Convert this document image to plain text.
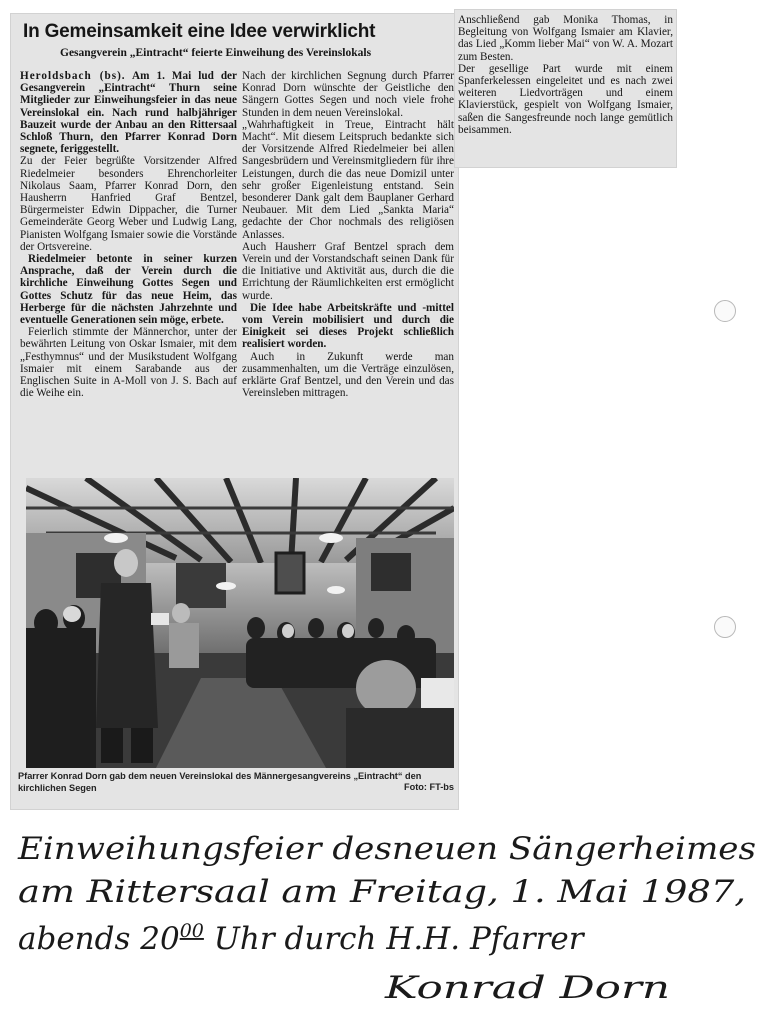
In Gemeinsamkeit eine Idee verwirklicht
Gesangverein „Eintracht“ feierte Einweihung des Vereinslokals

Heroldsbach (bs). Am 1. Mai lud der Gesangverein „Eintracht“ Thurn seine Mitglieder zur Einweihungsfeier in das neue Vereinslokal ein. Nach rund halbjähriger Bauzeit wurde der Anbau an den Rittersaal Schloß Thurn, den Pfarrer Konrad Dorn segnete, feriggestellt.

Zu der Feier begrüßte Vorsitzender Alfred Riedelmeier besonders Ehrenchorleiter Nikolaus Saam, Pfarrer Konrad Dorn, den Hausherrn Hanfried Graf Bentzel, Bürgermeister Edwin Dippacher, die Turner Gemeinderäte Georg Weber und Ludwig Lang, Pianisten Wolfgang Ismaier sowie die Vorstände der Ortsvereine.

Riedelmeier betonte in seiner kurzen Ansprache, daß der Verein durch die kirchliche Einweihung Gottes Segen und Gottes Schutz für das neue Heim, das Herberge für die nächsten Jahrzehnte und eventuelle Generationen sein möge, erbete.

Feierlich stimmte der Männerchor, unter der bewährten Leitung von Oskar Ismaier, mit dem „Festhymnus“ und der Musikstudent Wolfgang Ismaier mit einem Sarabande aus der Englischen Suite in A-Moll von J. S. Bach auf die Weihe ein.

Nach der kirchlichen Segnung durch Pfarrer Konrad Dorn wünschte der Geistliche den Sängern Gottes Segen und noch viele frohe Stunden in dem neuen Vereinslokal.

„Wahrhaftigkeit in Treue, Eintracht hält Macht“. Mit diesem Leitspruch bedankte sich der Vorsitzende Alfred Riedelmeier bei allen Sangesbrüdern und Vereinsmitgliedern für ihre Leistungen, durch die das neue Domizil unter sehr großer Eigenleistung entstand. Sein besonderer Dank galt dem Bauplaner Gerhard Neubauer. Mit dem Lied „Sankta Maria“ gedachte der Chor nochmals des religiösen Anlasses.

Auch Hausherr Graf Bentzel sprach dem Verein und der Vorstandschaft seinen Dank für die Initiative und Aktivität aus, durch die die Errichtung der Räumlichkeiten erst ermöglicht wurde.

Die Idee habe Arbeitskräfte und -mittel vom Verein mobilisiert und durch die Einigkeit sei dieses Projekt schließlich realisiert worden.

Auch in Zukunft werde man zusammenhalten, um die Verträge einzulösen, erklärte Graf Bentzel, und den Verein und das Vereinsleben mittragen.

Anschließend gab Monika Thomas, in Begleitung von Wolfgang Ismaier am Klavier, das Lied „Komm lieber Mai“ von W. A. Mozart zum Besten.

Der gesellige Part wurde mit einem Spanferkelessen eingeleitet und es nach zwei weiteren Liedvorträgen und einem Klavierstück, gespielt von Wolfgang Ismaier, saßen die Sangesfreunde noch lange gemütlich beisammen.

Pfarrer Konrad Dorn gab dem neuen Vereinslokal des Männergesangvereins „Eintracht“ den kirchlichen Segen	Foto: FT-bs
Einweihungsfeier desneuen Sängerheimes
am Rittersaal am Freitag, 1. Mai 1987,
abends $20^{00}$ Uhr durch H.H. Pfarrer
Konrad Dorn
